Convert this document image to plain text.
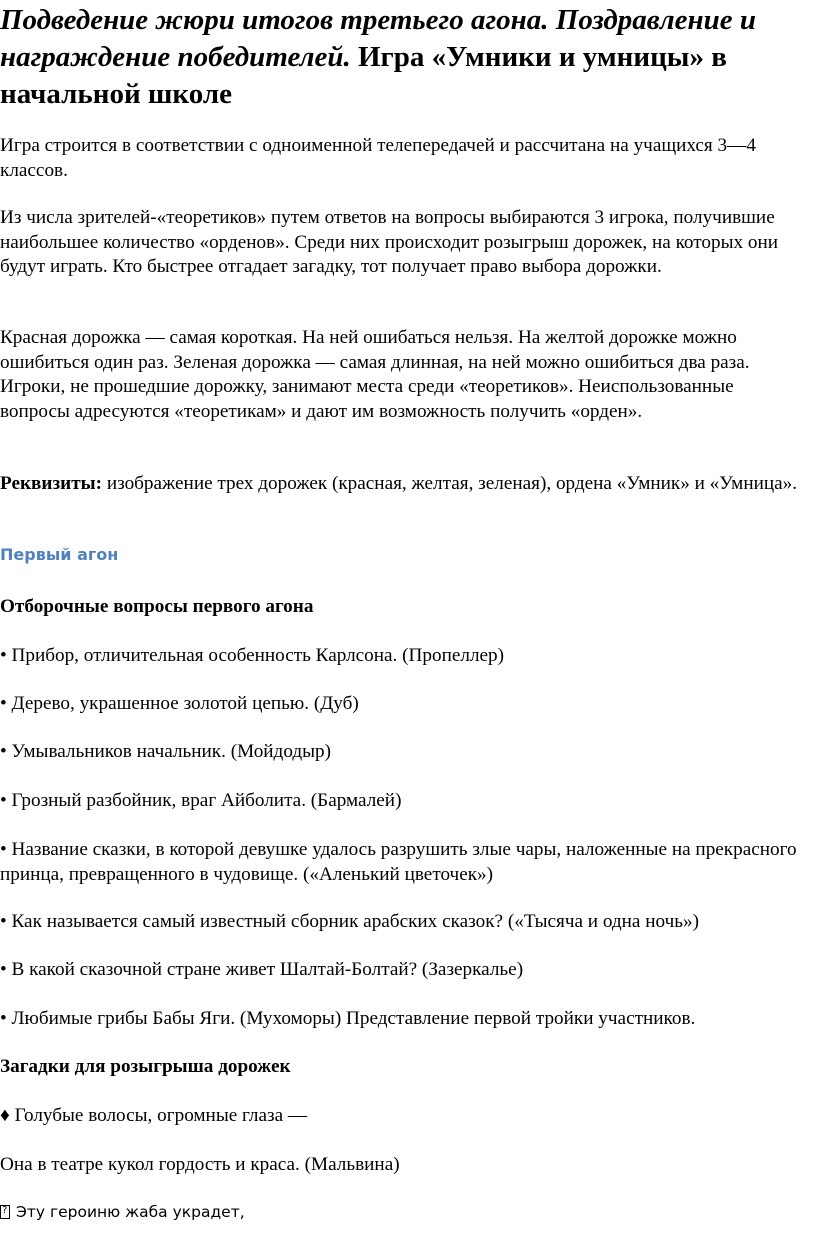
Подведение жюри итогов третьего агона. Поздравление и награждение победителей. Игра «Умники и умницы» в начальной школе

Игра строится в соответствии с одноименной телепередачей и рассчитана на учащихся 3—4 классов.

Из числа зрителей-«теоретиков» путем ответов на вопросы выбираются 3 игрока, получившие наибольшее количество «орденов». Среди них происходит розыгрыш дорожек, на которых они будут играть. Кто быстрее отгадает загадку, тот получает право выбора дорожки.

Красная дорожка — самая короткая. На ней ошибаться нельзя. На желтой дорожке можно ошибиться один раз. Зеленая дорожка — самая длинная, на ней можно ошибиться два раза. Игроки, не прошедшие дорожку, занимают места среди «теоретиков». Неиспользованные вопросы адресуются «теоретикам» и дают им возможность получить «орден».

Реквизиты: изображение трех дорожек (красная, желтая, зеленая), ордена «Умник» и «Умница».

Первый агон
Отборочные вопросы первого агона

• Прибор, отличительная особенность Карлсона. (Пропеллер)

• Дерево, украшенное золотой цепью. (Дуб)

• Умывальников начальник. (Мойдодыр)

• Грозный разбойник, враг Айболита. (Бармалей)

• Название сказки, в которой девушке удалось разрушить злые чары, наложенные на прекрасного принца, превращенного в чудовище. («Аленький цветочек»)

• Как называется самый известный сборник арабских сказок? («Тысяча и одна ночь»)

• В какой сказочной стране живет Шалтай-Болтай? (Зазеркалье)

• Любимые грибы Бабы Яги. (Мухоморы) Представление первой тройки участников.

Загадки для розыгрыша дорожек

♦ Голубые волосы, огромные глаза —

Она в театре кукол гордость и краса. (Мальвина)

?Эту героиню жаба украдет,
